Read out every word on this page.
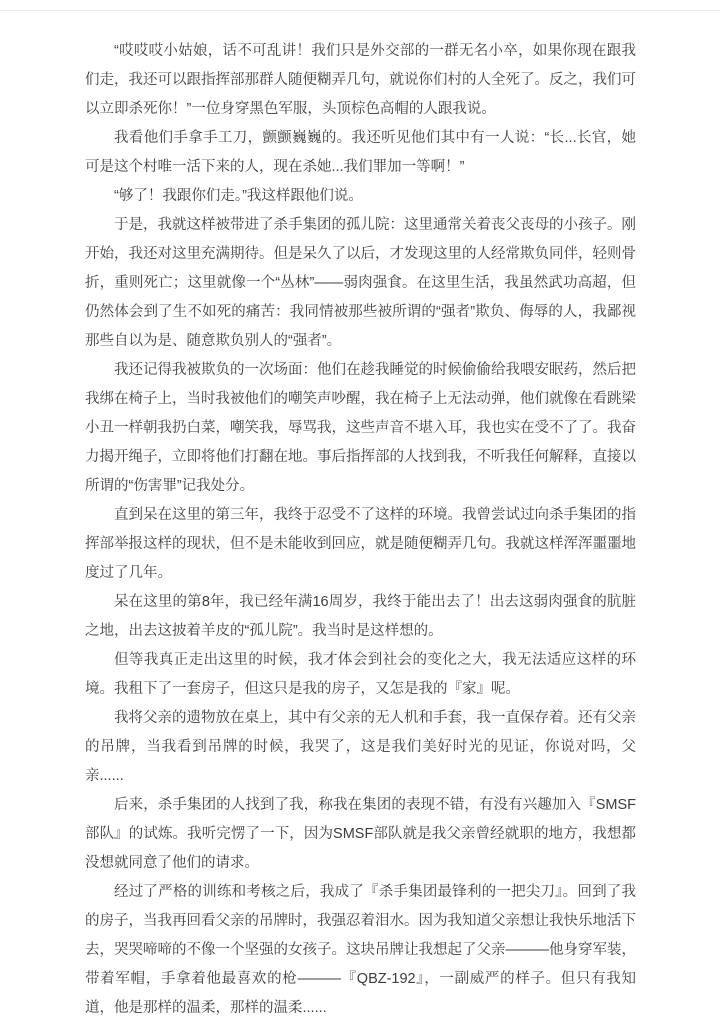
“哎哎哎小姑娘，话不可乱讲！我们只是外交部的一群无名小卒，如果你现在跟我们走，我还可以跟指挥部那群人随便糊弄几句，就说你们村的人全死了。反之，我们可以立即杀死你！”一位身穿黑色军服，头顶棕色高帽的人跟我说。

我看他们手拿手工刀，颤颤巍巍的。我还听见他们其中有一人说：“长...长官，她可是这个村唯一活下来的人，现在杀她...我们罪加一等啊！”

“够了！我跟你们走。”我这样跟他们说。

于是，我就这样被带进了杀手集团的孤儿院：这里通常关着丧父丧母的小孩子。刚开始，我还对这里充满期待。但是呆久了以后，才发现这里的人经常欺负同伴，轻则骨折，重则死亡；这里就像一个“丛林”——弱肉强食。在这里生活，我虽然武功高超，但仍然体会到了生不如死的痛苦：我同情被那些被所谓的“强者”欺负、侮辱的人，我鄙视那些自以为是、随意欺负别人的“强者”。

我还记得我被欺负的一次场面：他们在趁我睡觉的时候偷偷给我喂安眠药，然后把我绑在椅子上，当时我被他们的嘲笑声吵醒，我在椅子上无法动弹，他们就像在看跳梁小丑一样朝我扔白菜，嘲笑我，辱骂我，这些声音不堪入耳，我也实在受不了了。我奋力揭开绳子，立即将他们打翻在地。事后指挥部的人找到我，不听我任何解释，直接以所谓的“伤害罪”记我处分。

直到呆在这里的第三年，我终于忍受不了这样的环境。我曾尝试过向杀手集团的指挥部举报这样的现状，但不是未能收到回应，就是随便糊弄几句。我就这样浑浑噩噩地度过了几年。

呆在这里的第8年，我已经年满16周岁，我终于能出去了！出去这弱肉强食的肮脏之地，出去这披着羊皮的“孤儿院”。我当时是这样想的。

但等我真正走出这里的时候，我才体会到社会的变化之大，我无法适应这样的环境。我租下了一套房子，但这只是我的房子，又怎是我的『家』呢。

我将父亲的遗物放在桌上，其中有父亲的无人机和手套，我一直保存着。还有父亲的吊牌，当我看到吊牌的时候，我哭了，这是我们美好时光的见证，你说对吗，父亲......

后来，杀手集团的人找到了我，称我在集团的表现不错，有没有兴趣加入『SMSF部队』的试炼。我听完愣了一下，因为SMSF部队就是我父亲曾经就职的地方，我想都没想就同意了他们的请求。

经过了严格的训练和考核之后，我成了『杀手集团最锋利的一把尖刀』。回到了我的房子，当我再回看父亲的吊牌时，我强忍着泪水。因为我知道父亲想让我快乐地活下去，哭哭啼啼的不像一个坚强的女孩子。这块吊牌让我想起了父亲———他身穿军装，带着军帽，手拿着他最喜欢的枪———『QBZ-192』，一副威严的样子。但只有我知道，他是那样的温柔，那样的温柔......
